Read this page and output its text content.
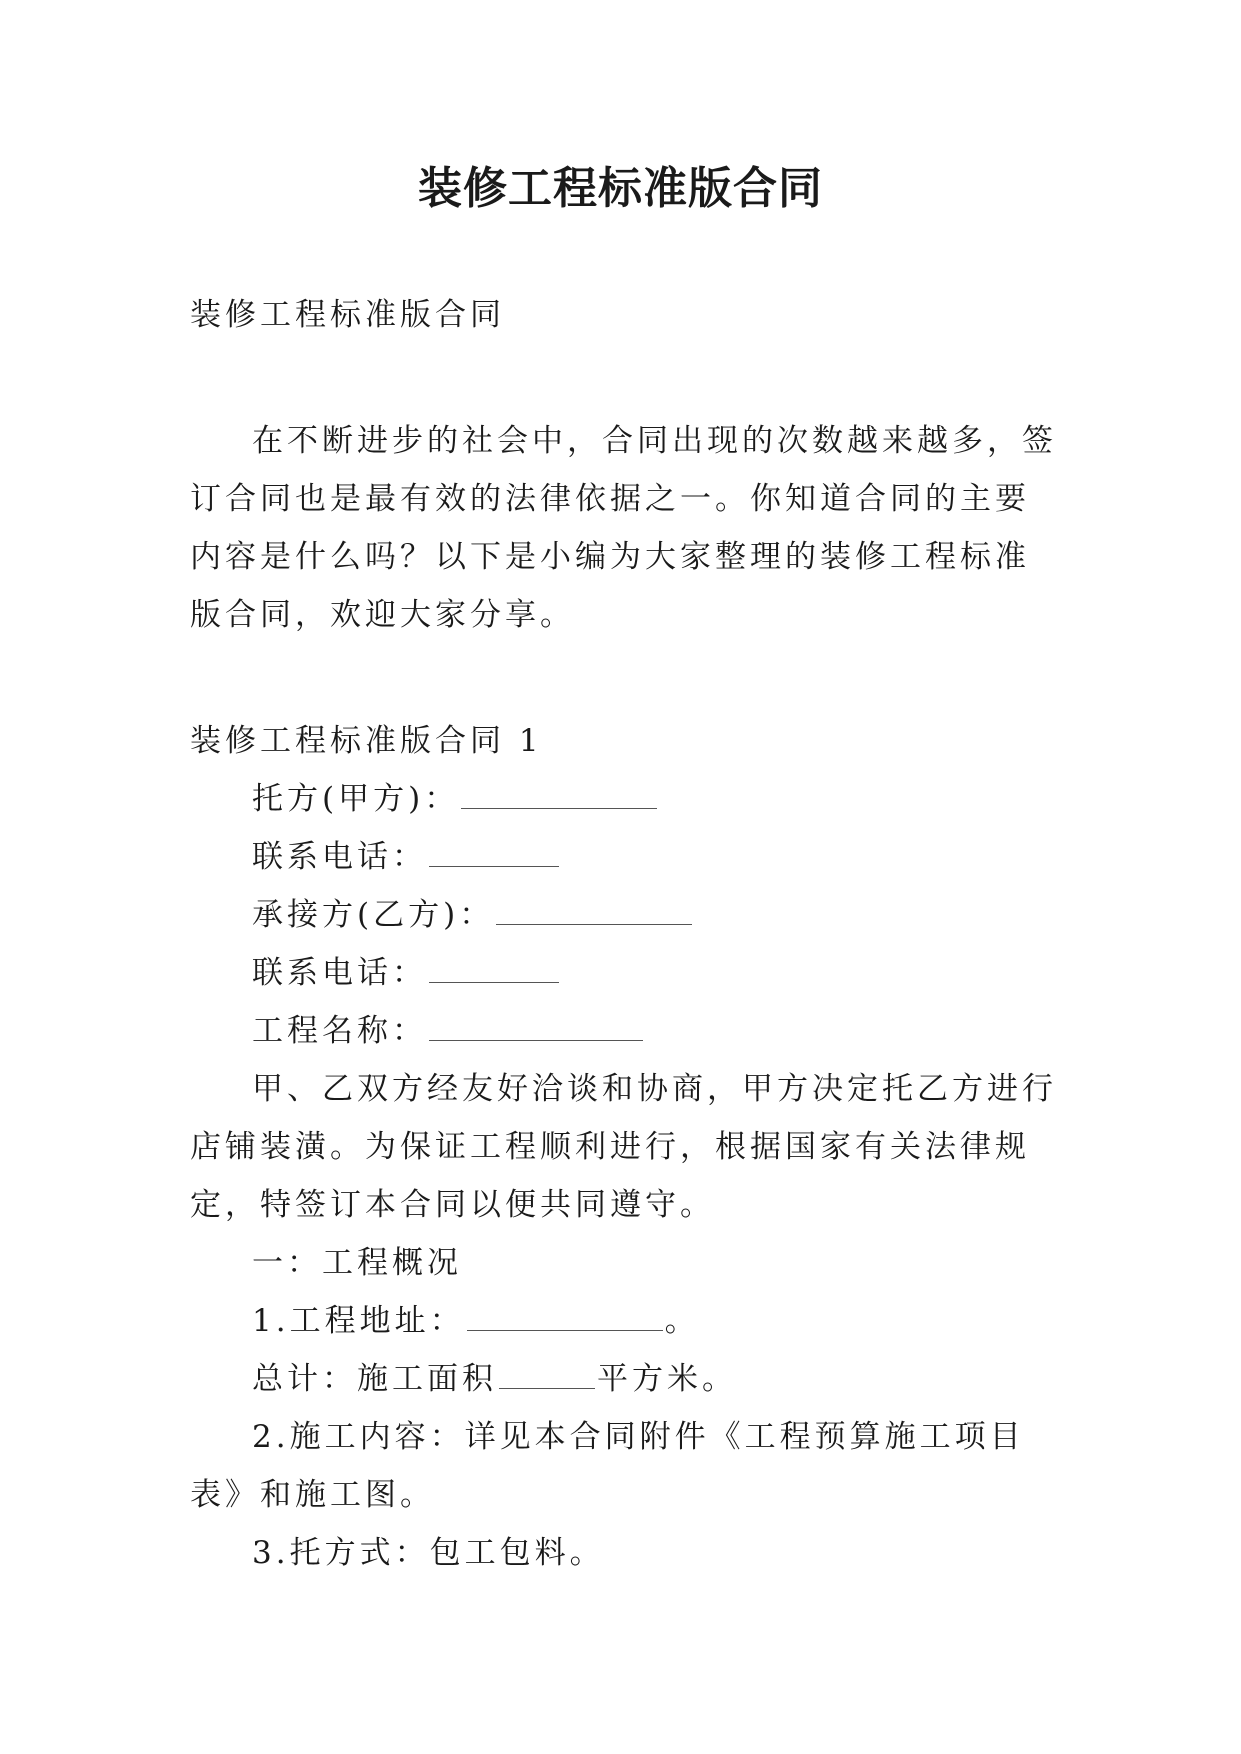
装修工程标准版合同

装修工程标准版合同

在不断进步的社会中，合同出现的次数越来越多，签订合同也是最有效的法律依据之一。你知道合同的主要内容是什么吗？以下是小编为大家整理的装修工程标准版合同，欢迎大家分享。

装修工程标准版合同 1

托方(甲方)：

联系电话：

承接方(乙方)：

联系电话：

工程名称：

甲、乙双方经友好洽谈和协商，甲方决定托乙方进行店铺装潢。为保证工程顺利进行，根据国家有关法律规定，特签订本合同以便共同遵守。

一：工程概况

1.工程地址：	。

总计：施工面积	平方米。

2.施工内容：详见本合同附件《工程预算施工项目表》和施工图。

3.托方式：包工包料。
